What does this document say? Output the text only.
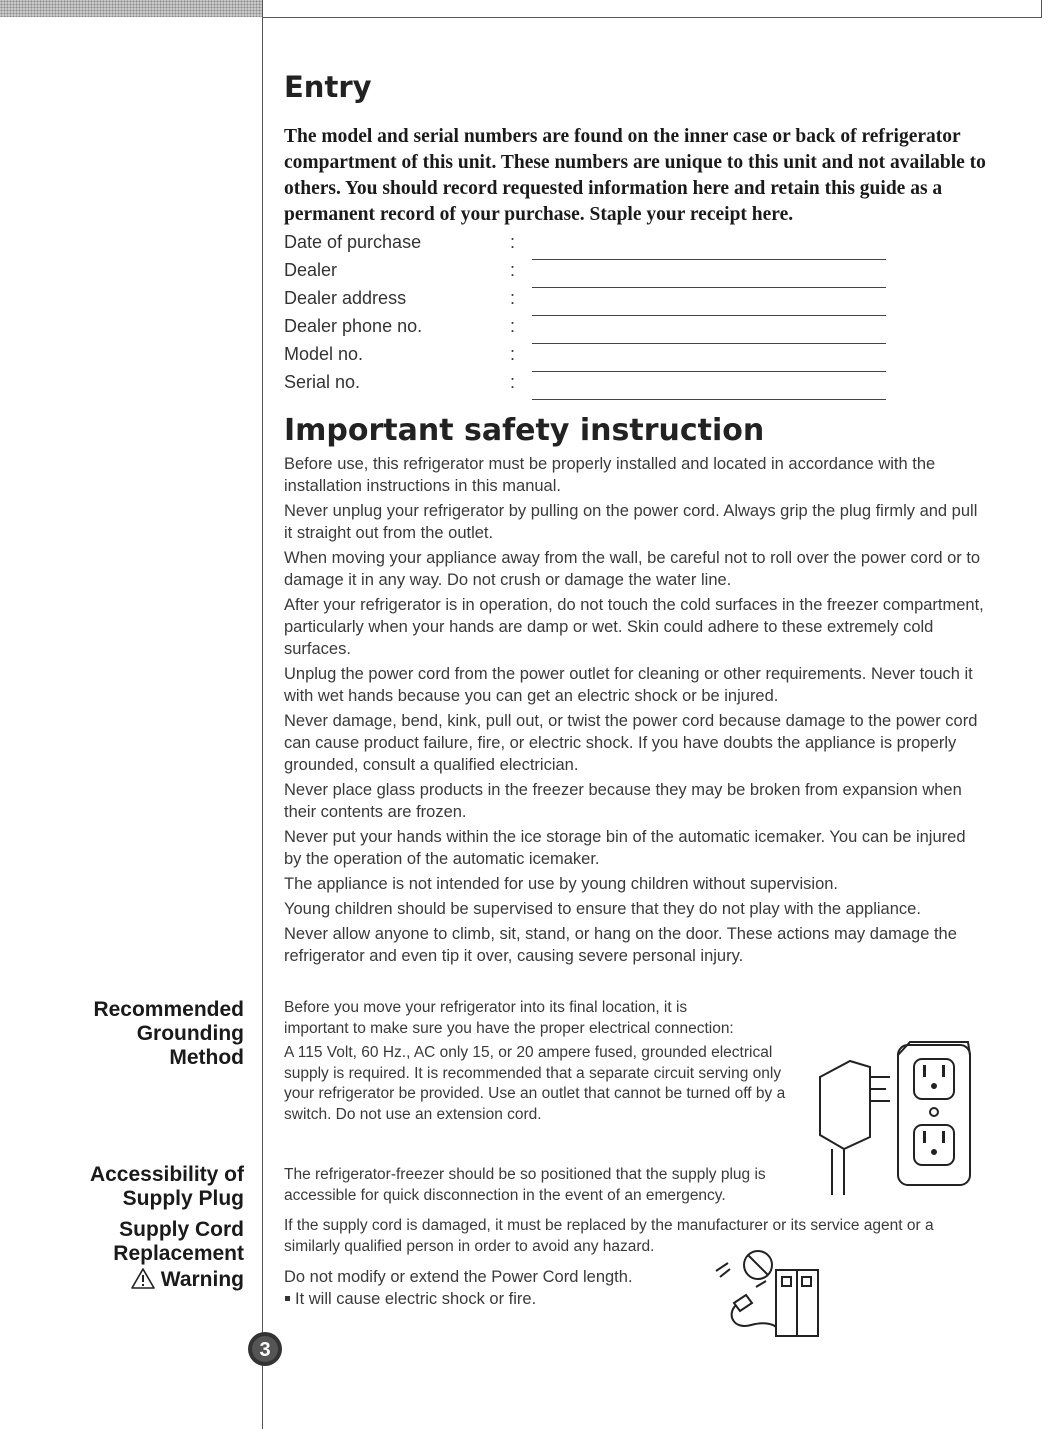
Entry

The model and serial numbers are found on the inner case or back of refrigerator compartment of this unit. These numbers are unique to this unit and not available to others. You should record requested information here and retain this guide as a permanent record of your purchase. Staple your receipt here.

Date of purchase	:
Dealer	:
Dealer address	:
Dealer phone no.	:
Model no.	:
Serial no.	:
Important safety instruction

Before use, this refrigerator must be properly installed and located in accordance with the installation instructions in this manual.

Never unplug your refrigerator by pulling on the power cord. Always grip the plug firmly and pull it straight out from the outlet.

When moving your appliance away from the wall, be careful not to roll over the power cord or to damage it in any way. Do not crush or damage the water line.

After your refrigerator is in operation, do not touch the cold surfaces in the freezer compartment, particularly when your hands are damp or wet. Skin could adhere to these extremely cold surfaces.

Unplug the power cord from the power outlet for cleaning or other requirements. Never touch it with wet hands because you can get an electric shock or be injured.

Never damage, bend, kink, pull out, or twist the power cord because damage to the power cord can cause product failure, fire, or electric shock. If you have doubts the appliance is properly grounded, consult a qualified electrician.

Never place glass products in the freezer because they may be broken from expansion when their contents are frozen.

Never put your hands within the ice storage bin of the automatic icemaker. You can be injured by the operation of the automatic icemaker.

The appliance is not intended for use by young children without supervision.

Young children should be supervised to ensure that they do not play with the appliance.

Never allow anyone to climb, sit, stand, or hang on the door. These actions may damage the refrigerator and even tip it over, causing severe personal injury.

Recommended
Grounding
Method
Accessibility of
Supply Plug
Supply Cord
Replacement
Warning

Before you move your refrigerator into its final location, it is important to make sure you have the proper electrical connection:

A 115 Volt, 60 Hz., AC only 15, or 20 ampere fused, grounded electrical supply is required. It is recommended that a separate circuit serving only your refrigerator be provided. Use an outlet that cannot be turned off by a switch. Do not use an extension cord.

The refrigerator-freezer should be so positioned that the supply plug is accessible for quick disconnection in the event of an emergency.

If the supply cord is damaged, it must be replaced by the manufacturer or its service agent or a similarly qualified person in order to avoid any hazard.

Do not modify or extend the Power Cord length.

It will cause electric shock or fire.

3
